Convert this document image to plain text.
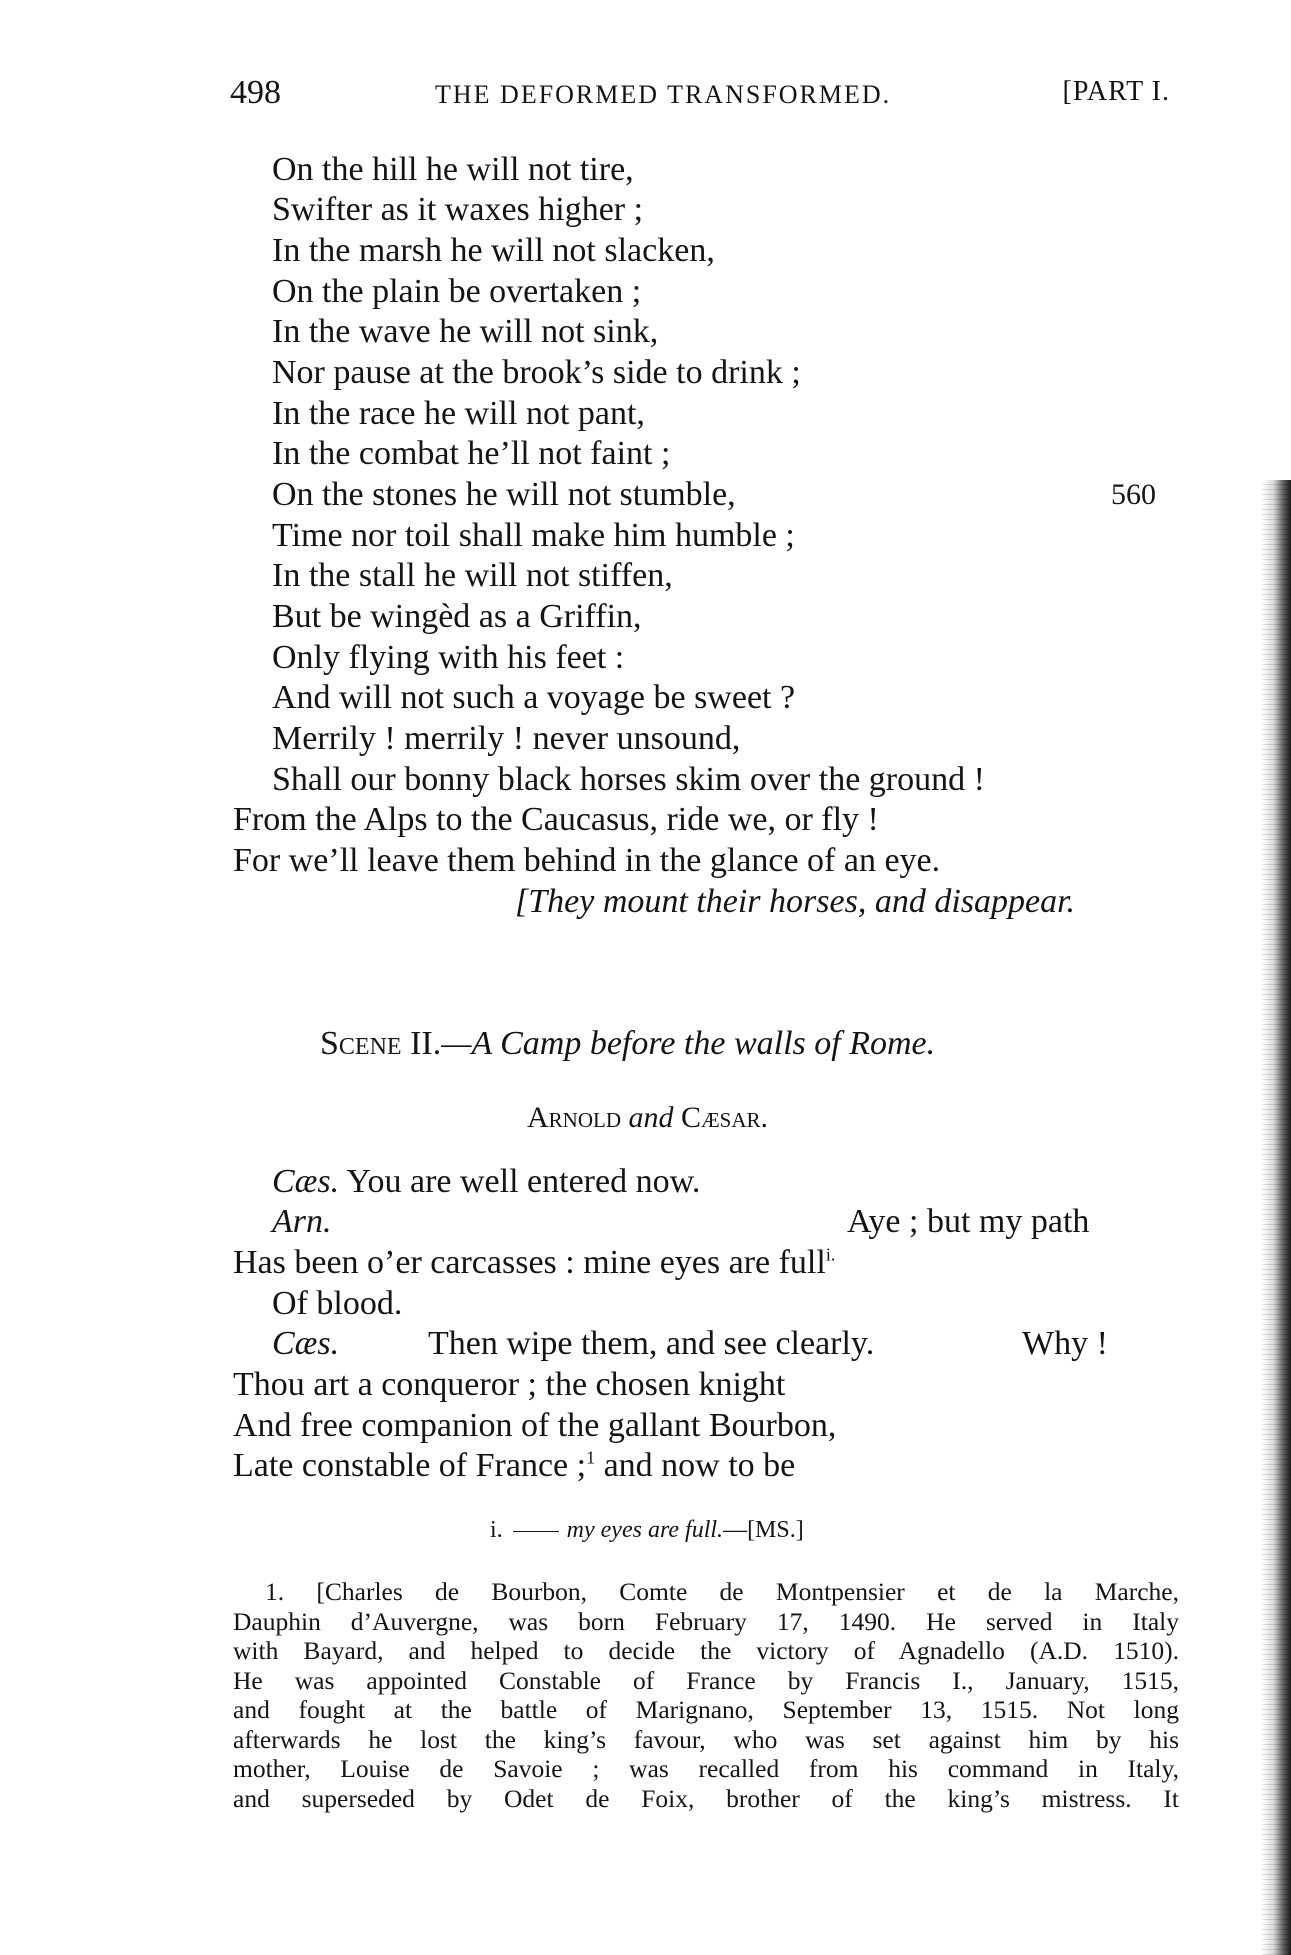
498	THE DEFORMED TRANSFORMED.	[PART I.
On the hill he will not tire,
Swifter as it waxes higher ;
In the marsh he will not slacken,
On the plain be overtaken ;
In the wave he will not sink,
Nor pause at the brook’s side to drink ;
In the race he will not pant,
In the combat he’ll not faint ;
On the stones he will not stumble,	560
Time nor toil shall make him humble ;
In the stall he will not stiffen,
But be wingèd as a Griffin,
Only flying with his feet :
And will not such a voyage be sweet ?
Merrily ! merrily ! never unsound,
Shall our bonny black horses skim over the ground !
From the Alps to the Caucasus, ride we, or fly !
For we’ll leave them behind in the glance of an eye.
[They mount their horses, and disappear.
Scene II.—A Camp before the walls of Rome.
Arnold and Cæsar.
Cæs. You are well entered now.
Arn.	Aye ; but my path
Has been o’er carcasses : mine eyes are full$^{i.}$
Of blood.
Cæs.	Then wipe them, and see clearly.	Why !
Thou art a conqueror ; the chosen knight
And free companion of the gallant Bourbon,
Late constable of France ;$^1$ and now to be
i.	my eyes are full.—[MS.]
1. [Charles de Bourbon, Comte de Montpensier et de la Marche,
Dauphin d’Auvergne, was born February 17, 1490. He served in Italy
with Bayard, and helped to decide the victory of Agnadello (A.D. 1510).
He was appointed Constable of France by Francis I., January, 1515,
and fought at the battle of Marignano, September 13, 1515. Not long
afterwards he lost the king’s favour, who was set against him by his
mother, Louise de Savoie ; was recalled from his command in Italy,
and superseded by Odet de Foix, brother of the king’s mistress. It
